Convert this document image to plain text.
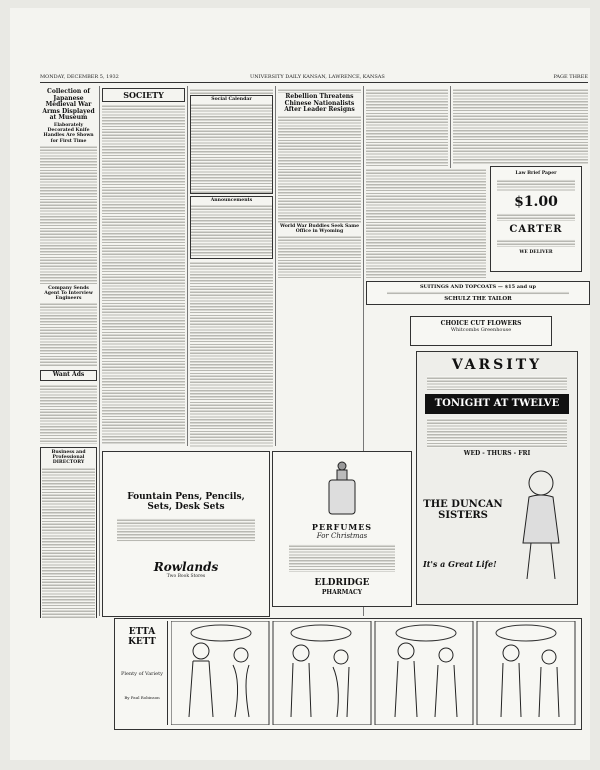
MONDAY, DECEMBER 5, 1932	UNIVERSITY DAILY KANSAN, LAWRENCE, KANSAS	PAGE THREE
Collection of Japanese Medieval War Arms Displayed at Museum
Elaborately Decorated Knife Handles Are Shown for First Time
Company Sends Agent To Interview Engineers
Want Ads
Business and Professional DIRECTORY
SOCIETY	Social Calendar
Announcements
Rebellion Threatens Chinese Nationalists After Leader Resigns
World War Buddies Seek Same Office in Wyoming
Law Brief Paper
$1.00
CARTER
WE DELIVER
SUITINGS AND TOPCOATS — $15 and up
SCHULZ THE TAILOR
CHOICE CUT FLOWERS
Whitcombs Greenhouse
VARSITY
TONIGHT AT TWELVE
WED - THURS - FRI
THE DUNCAN SISTERS
It's a Great Life!
Fountain Pens, Pencils,
Sets, Desk Sets
Rowlands
Two Book Stores
PERFUMES
For Christmas
ELDRIDGE
PHARMACY
ETTA KETT
Plenty of Variety
By Paul Robinson
